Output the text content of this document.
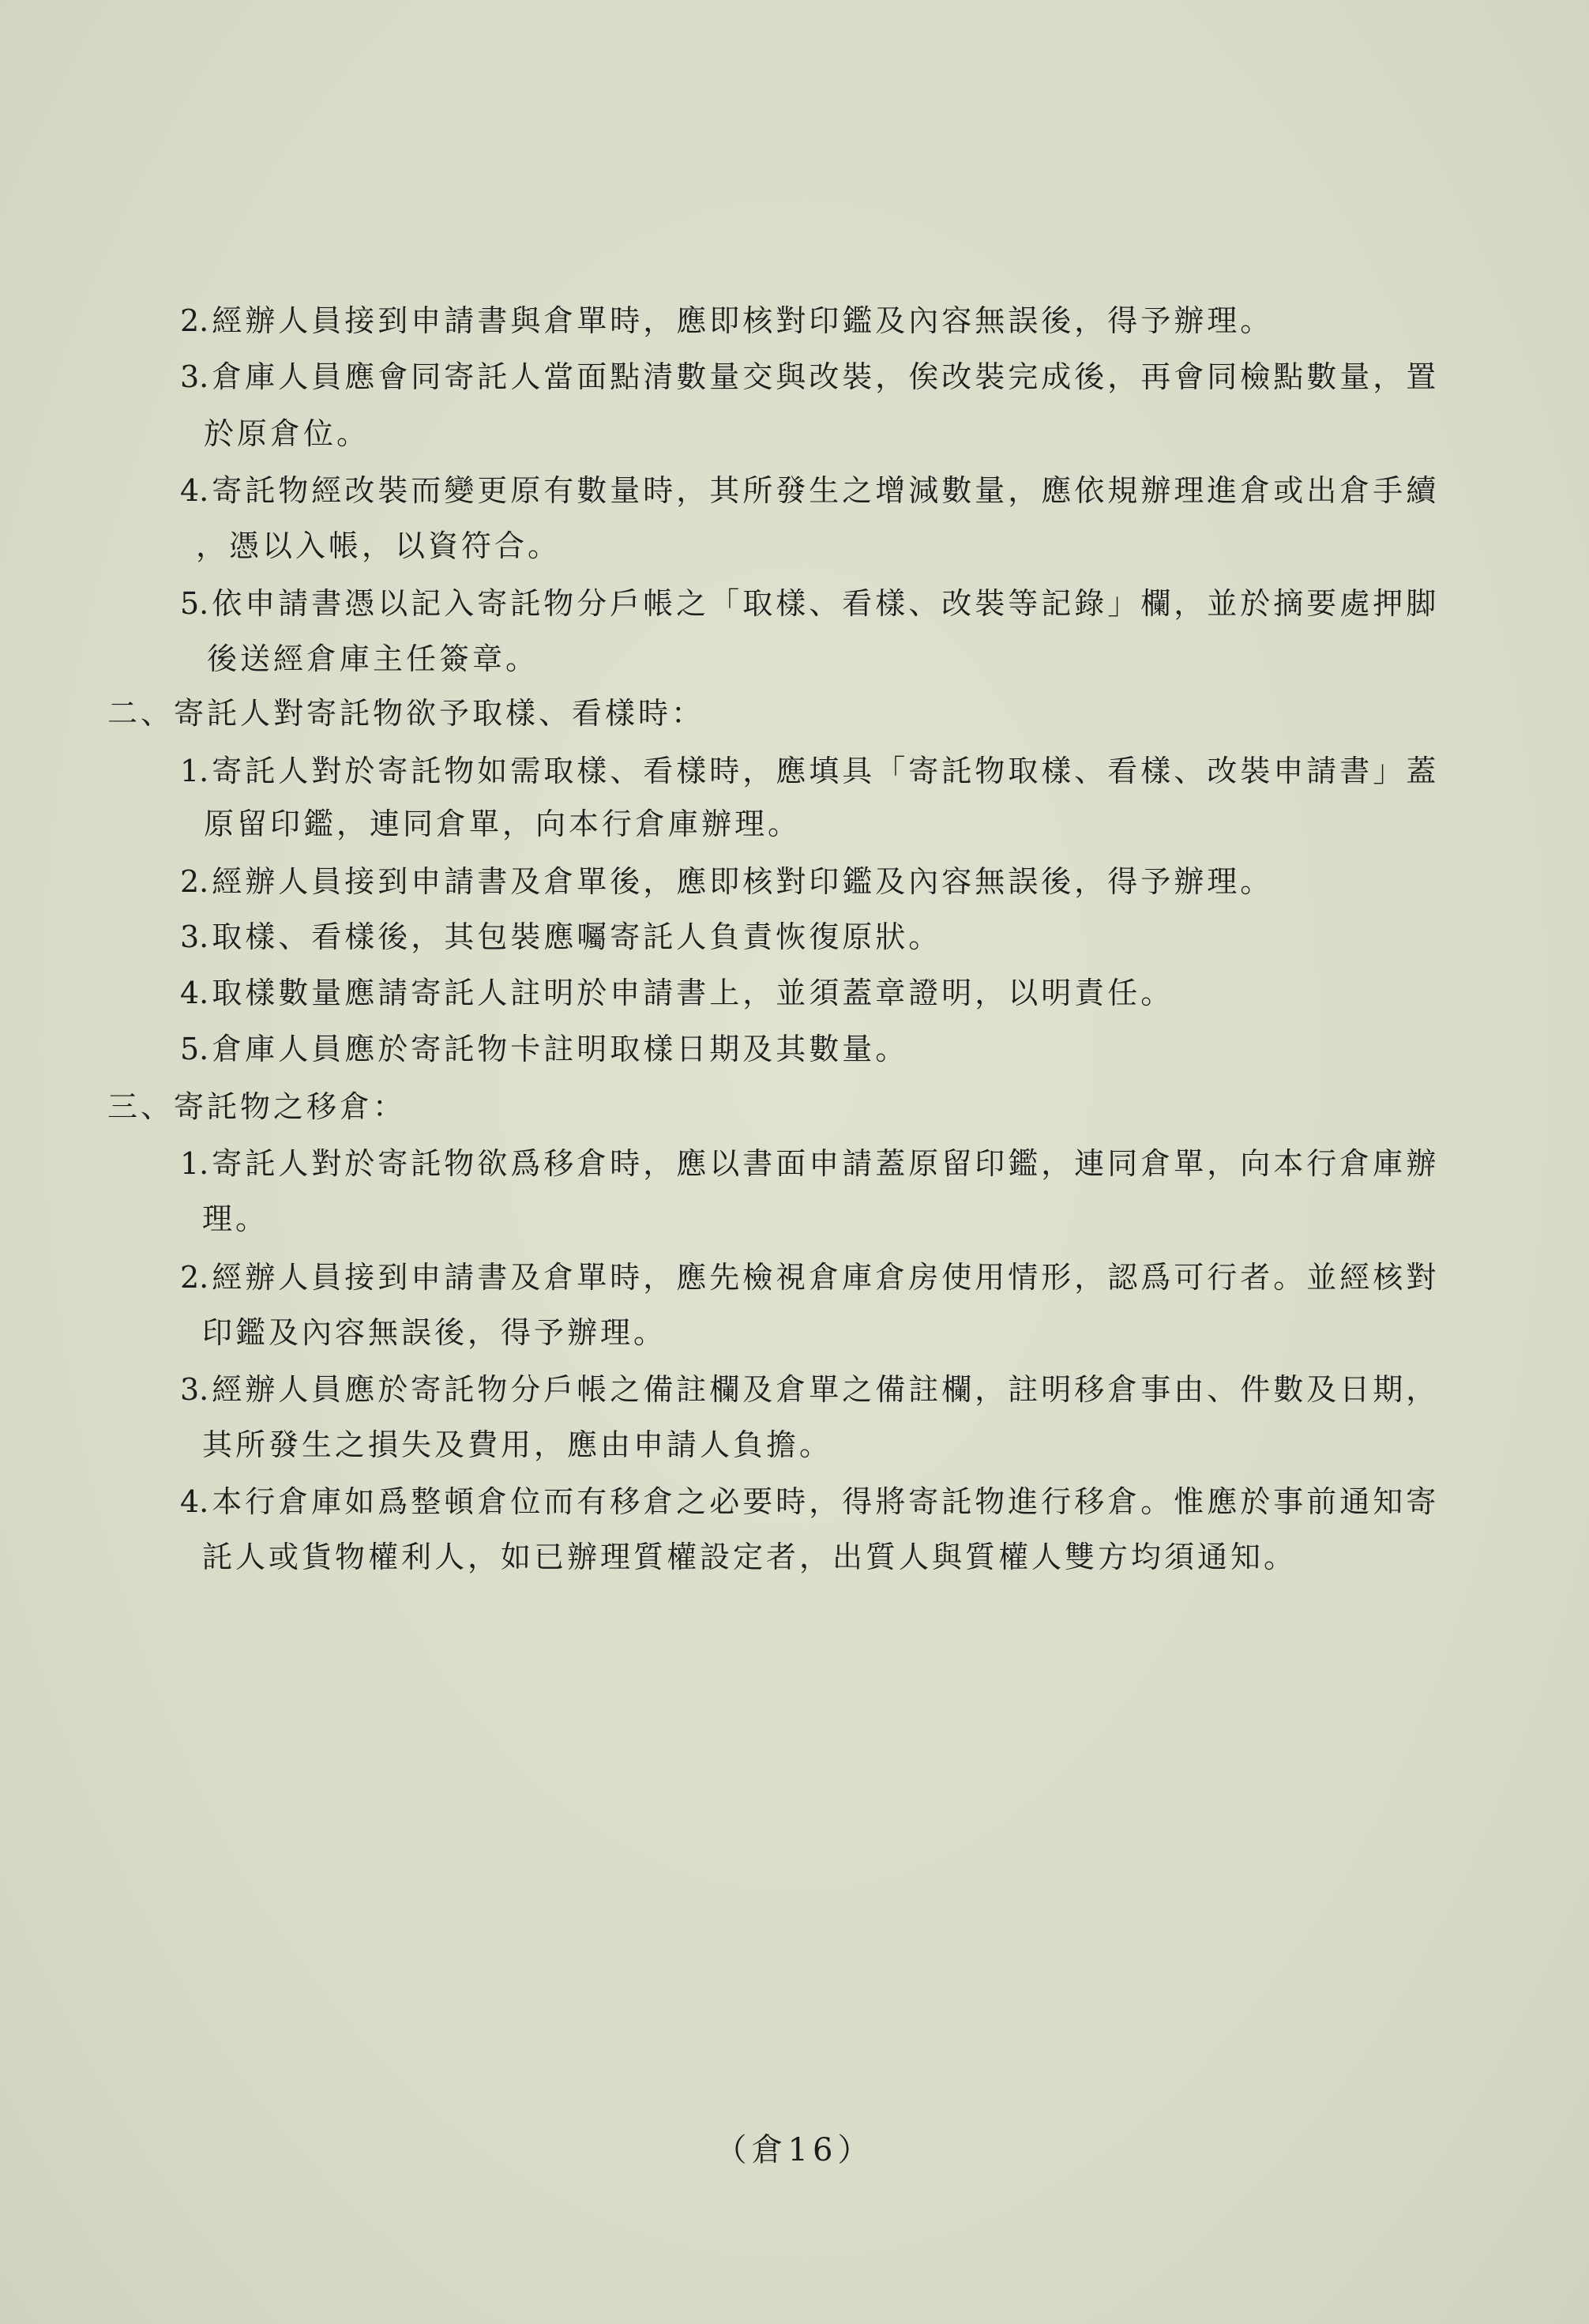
2. 經辦人員接到申請書與倉單時，應即核對印鑑及內容無誤後，得予辦理。
3. 倉庫人員應會同寄託人當面點清數量交與改裝，俟改裝完成後，再會同檢點數量，置
於原倉位。
4. 寄託物經改裝而變更原有數量時，其所發生之增減數量，應依規辦理進倉或出倉手續
，憑以入帳，以資符合。
5. 依申請書憑以記入寄託物分戶帳之「取樣、看樣、改裝等記錄」欄，並於摘要處押脚
後送經倉庫主任簽章。
二、寄託人對寄託物欲予取樣、看樣時：
1. 寄託人對於寄託物如需取樣、看樣時，應填具「寄託物取樣、看樣、改裝申請書」蓋
原留印鑑，連同倉單，向本行倉庫辦理。
2. 經辦人員接到申請書及倉單後，應即核對印鑑及內容無誤後，得予辦理。
3. 取樣、看樣後，其包裝應囑寄託人負責恢復原狀。
4. 取樣數量應請寄託人註明於申請書上，並須蓋章證明，以明責任。
5. 倉庫人員應於寄託物卡註明取樣日期及其數量。
三、寄託物之移倉：
1. 寄託人對於寄託物欲爲移倉時，應以書面申請蓋原留印鑑，連同倉單，向本行倉庫辦
理。
2. 經辦人員接到申請書及倉單時，應先檢視倉庫倉房使用情形，認爲可行者。並經核對
印鑑及內容無誤後，得予辦理。
3. 經辦人員應於寄託物分戶帳之備註欄及倉單之備註欄，註明移倉事由、件數及日期，
其所發生之損失及費用，應由申請人負擔。
4. 本行倉庫如爲整頓倉位而有移倉之必要時，得將寄託物進行移倉。惟應於事前通知寄
託人或貨物權利人，如已辦理質權設定者，出質人與質權人雙方均須通知。
（倉16）
